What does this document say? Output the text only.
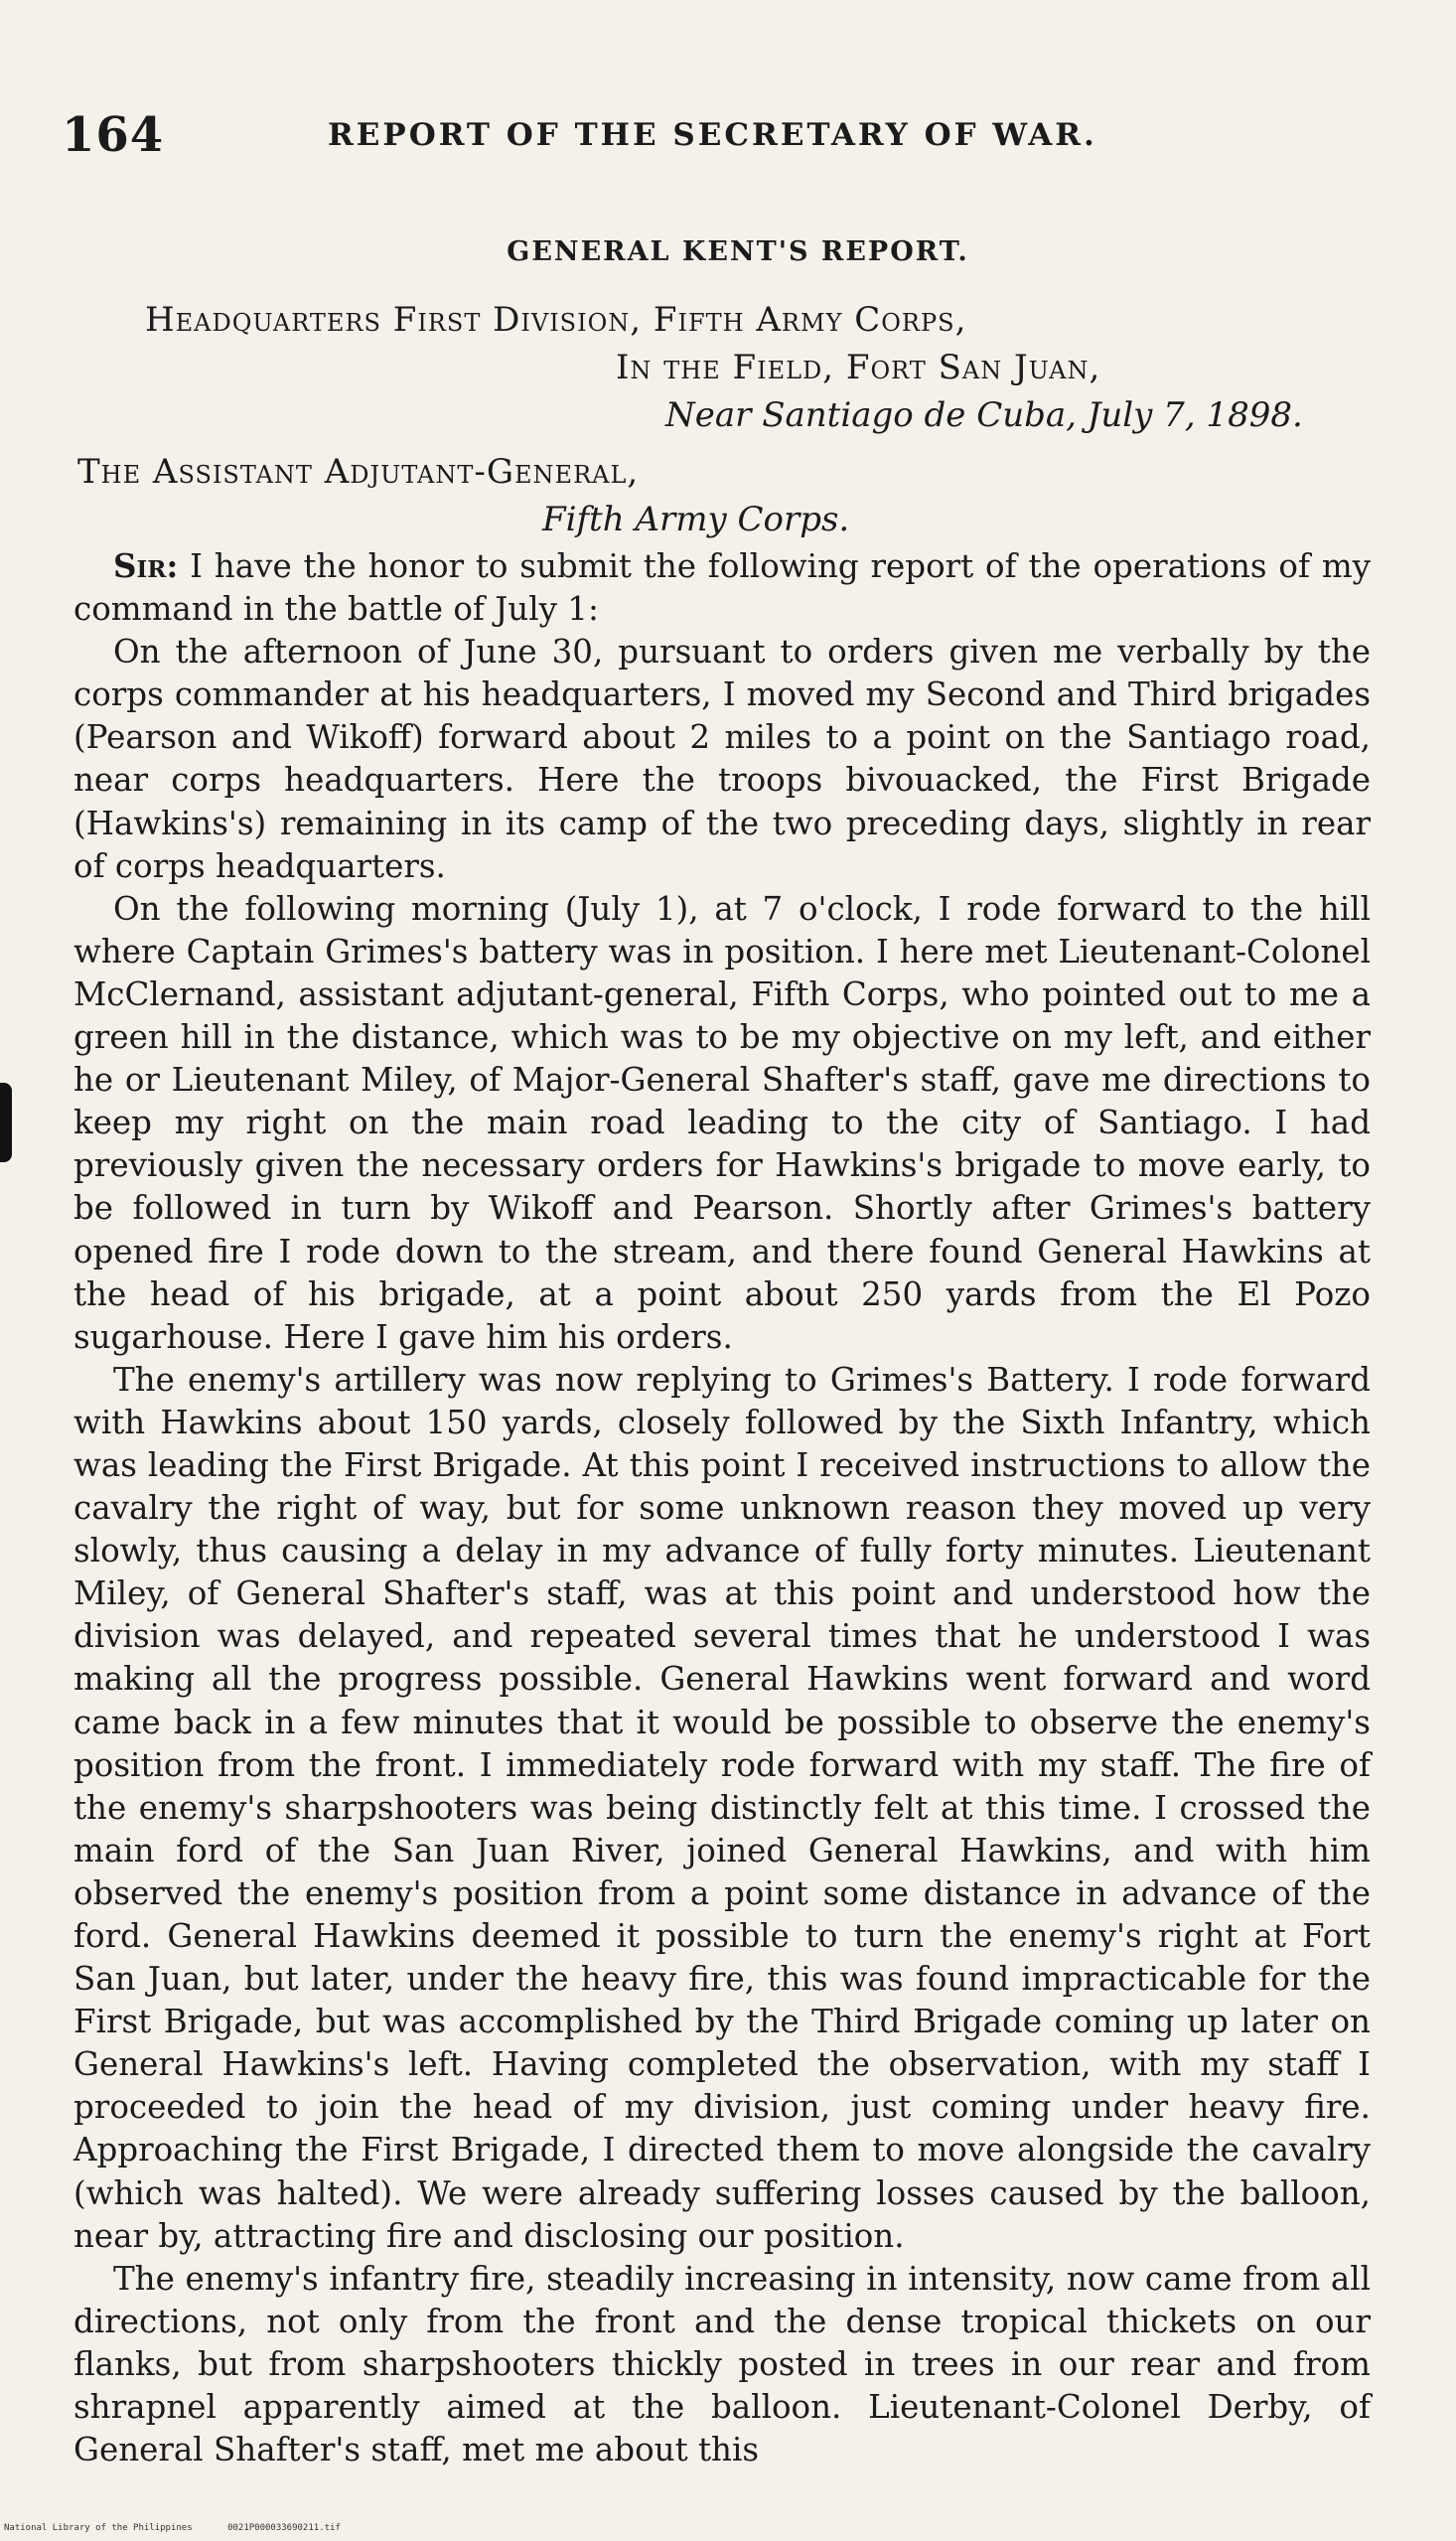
164	REPORT OF THE SECRETARY OF WAR.
GENERAL KENT'S REPORT.
Headquarters First Division, Fifth Army Corps,
In the Field, Fort San Juan,
Near Santiago de Cuba, July 7, 1898.
The Assistant Adjutant-General,
Fifth Army Corps.

Sir: I have the honor to submit the following report of the operations of my command in the battle of July 1:

On the afternoon of June 30, pursuant to orders given me verbally by the corps commander at his headquarters, I moved my Second and Third brigades (Pearson and Wikoff) forward about 2 miles to a point on the Santiago road, near corps headquarters. Here the troops bivouacked, the First Brigade (Hawkins's) remaining in its camp of the two preceding days, slightly in rear of corps headquarters.

On the following morning (July 1), at 7 o'clock, I rode forward to the hill where Captain Grimes's battery was in position. I here met Lieutenant-Colonel McClernand, assistant adjutant-general, Fifth Corps, who pointed out to me a green hill in the distance, which was to be my objective on my left, and either he or Lieutenant Miley, of Major-General Shafter's staff, gave me directions to keep my right on the main road leading to the city of Santiago. I had previously given the necessary orders for Hawkins's brigade to move early, to be followed in turn by Wikoff and Pearson. Shortly after Grimes's battery opened fire I rode down to the stream, and there found General Hawkins at the head of his brigade, at a point about 250 yards from the El Pozo sugarhouse. Here I gave him his orders.

The enemy's artillery was now replying to Grimes's Battery. I rode forward with Hawkins about 150 yards, closely followed by the Sixth Infantry, which was leading the First Brigade. At this point I received instructions to allow the cavalry the right of way, but for some unknown reason they moved up very slowly, thus causing a delay in my advance of fully forty minutes. Lieutenant Miley, of General Shafter's staff, was at this point and understood how the division was delayed, and repeated several times that he understood I was making all the progress possible. General Hawkins went forward and word came back in a few minutes that it would be possible to observe the enemy's position from the front. I immediately rode forward with my staff. The fire of the enemy's sharpshooters was being distinctly felt at this time. I crossed the main ford of the San Juan River, joined General Hawkins, and with him observed the enemy's position from a point some distance in advance of the ford. General Hawkins deemed it possible to turn the enemy's right at Fort San Juan, but later, under the heavy fire, this was found impracticable for the First Brigade, but was accomplished by the Third Brigade coming up later on General Hawkins's left. Having completed the observation, with my staff I proceeded to join the head of my division, just coming under heavy fire. Approaching the First Brigade, I directed them to move alongside the cavalry (which was halted). We were already suffering losses caused by the balloon, near by, attracting fire and disclosing our position.

The enemy's infantry fire, steadily increasing in intensity, now came from all directions, not only from the front and the dense tropical thickets on our flanks, but from sharpshooters thickly posted in trees in our rear and from shrapnel apparently aimed at the balloon. Lieutenant-Colonel Derby, of General Shafter's staff, met me about this

National Library of the Philippines	0021P000033690211.tif
